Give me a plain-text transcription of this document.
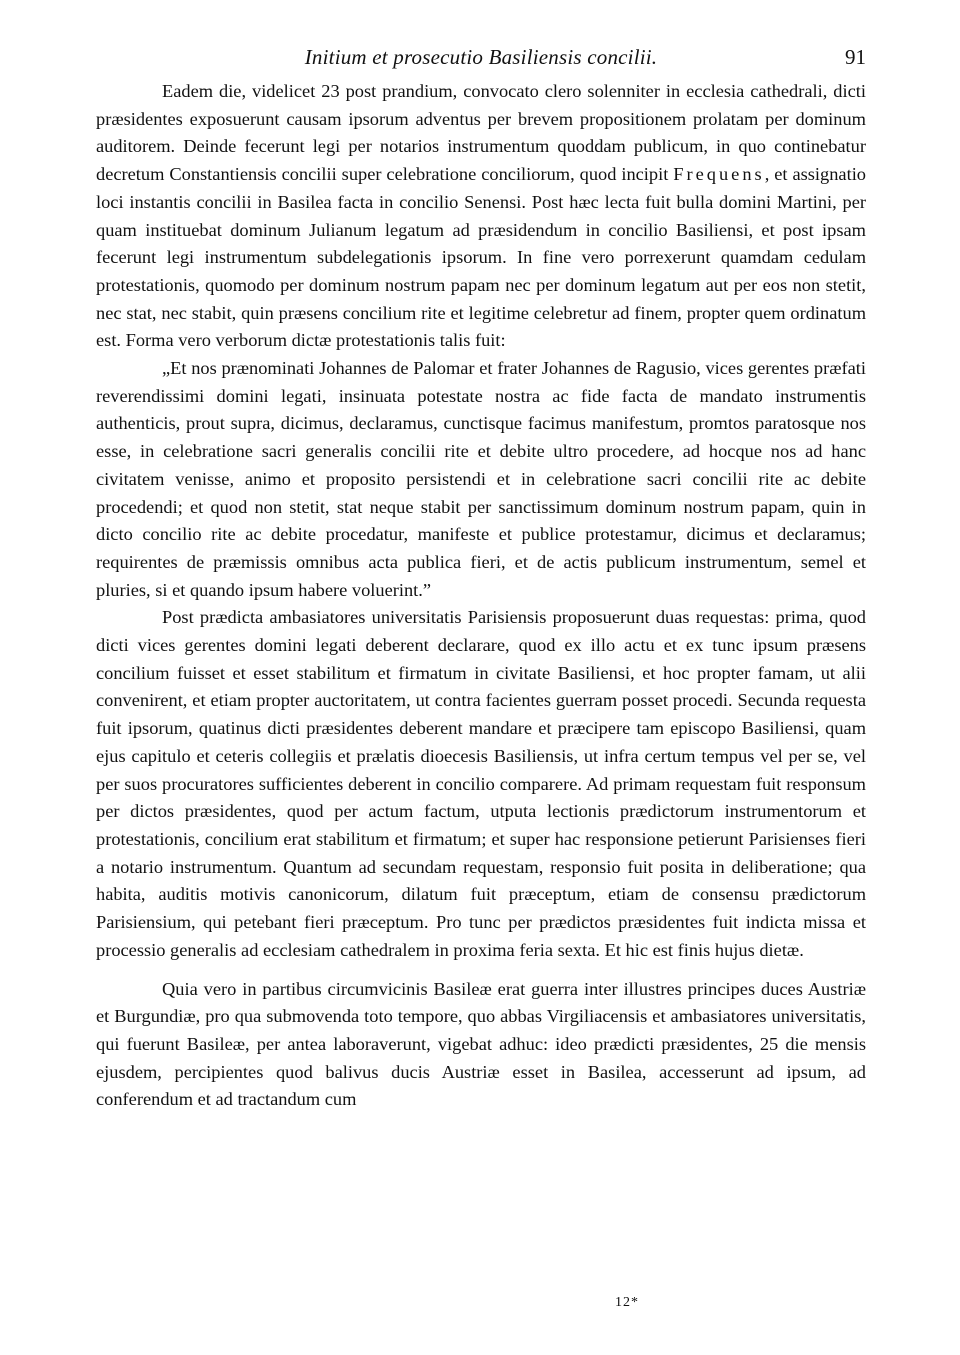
Initium et prosecutio Basiliensis concilii.	91

Eadem die, videlicet 23 post prandium, convocato clero solenniter in ecclesia cathedrali, dicti præsidentes exposuerunt causam ipsorum adventus per brevem propositionem prolatam per dominum auditorem. Deinde fecerunt legi per notarios instrumentum quoddam publicum, in quo continebatur decretum Constantiensis concilii super celebratione conciliorum, quod incipit Frequens, et assignatio loci instantis concilii in Basilea facta in concilio Senensi. Post hæc lecta fuit bulla domini Martini, per quam instituebat dominum Julianum legatum ad præsidendum in concilio Basiliensi, et post ipsam fecerunt legi instrumentum subdelegationis ipsorum. In fine vero porrexerunt quamdam cedulam protestationis, quomodo per dominum nostrum papam nec per dominum legatum aut per eos non stetit, nec stat, nec stabit, quin præsens concilium rite et legitime celebretur ad finem, propter quem ordinatum est. Forma vero verborum dictæ protestationis talis fuit:

„Et nos prænominati Johannes de Palomar et frater Johannes de Ragusio, vices gerentes præfati reverendissimi domini legati, insinuata potestate nostra ac fide facta de mandato instrumentis authenticis, prout supra, dicimus, declaramus, cunctisque facimus manifestum, promtos paratosque nos esse, in celebratione sacri generalis concilii rite et debite ultro procedere, ad hocque nos ad hanc civitatem venisse, animo et proposito persistendi et in celebratione sacri concilii rite ac debite procedendi; et quod non stetit, stat neque stabit per sanctissimum dominum nostrum papam, quin in dicto concilio rite ac debite procedatur, manifeste et publice protestamur, dicimus et declaramus; requirentes de præmissis omnibus acta publica fieri, et de actis publicum instrumentum, semel et pluries, si et quando ipsum habere voluerint.”

Post prædicta ambasiatores universitatis Parisiensis proposuerunt duas requestas: prima, quod dicti vices gerentes domini legati deberent declarare, quod ex illo actu et ex tunc ipsum præsens concilium fuisset et esset stabilitum et firmatum in civitate Basiliensi, et hoc propter famam, ut alii convenirent, et etiam propter auctoritatem, ut contra facientes guerram posset procedi. Secunda requesta fuit ipsorum, quatinus dicti præsidentes deberent mandare et præcipere tam episcopo Basiliensi, quam ejus capitulo et ceteris collegiis et prælatis dioecesis Basiliensis, ut infra certum tempus vel per se, vel per suos procuratores sufficientes deberent in concilio comparere. Ad primam requestam fuit responsum per dictos præsidentes, quod per actum factum, utputa lectionis prædictorum instrumentorum et protestationis, concilium erat stabilitum et firmatum; et super hac responsione petierunt Parisienses fieri a notario instrumentum. Quantum ad secundam requestam, responsio fuit posita in deliberatione; qua habita, auditis motivis canonicorum, dilatum fuit præceptum, etiam de consensu prædictorum Parisiensium, qui petebant fieri præceptum. Pro tunc per prædictos præsidentes fuit indicta missa et processio generalis ad ecclesiam cathedralem in proxima feria sexta. Et hic est finis hujus dietæ.

Quia vero in partibus circumvicinis Basileæ erat guerra inter illustres principes duces Austriæ et Burgundiæ, pro qua submovenda toto tempore, quo abbas Virgiliacensis et ambasiatores universitatis, qui fuerunt Basileæ, per antea laboraverunt, vigebat adhuc: ideo prædicti præsidentes, 25 die mensis ejusdem, percipientes quod balivus ducis Austriæ esset in Basilea, accesserunt ad ipsum, ad conferendum et ad tractandum cum

12*
